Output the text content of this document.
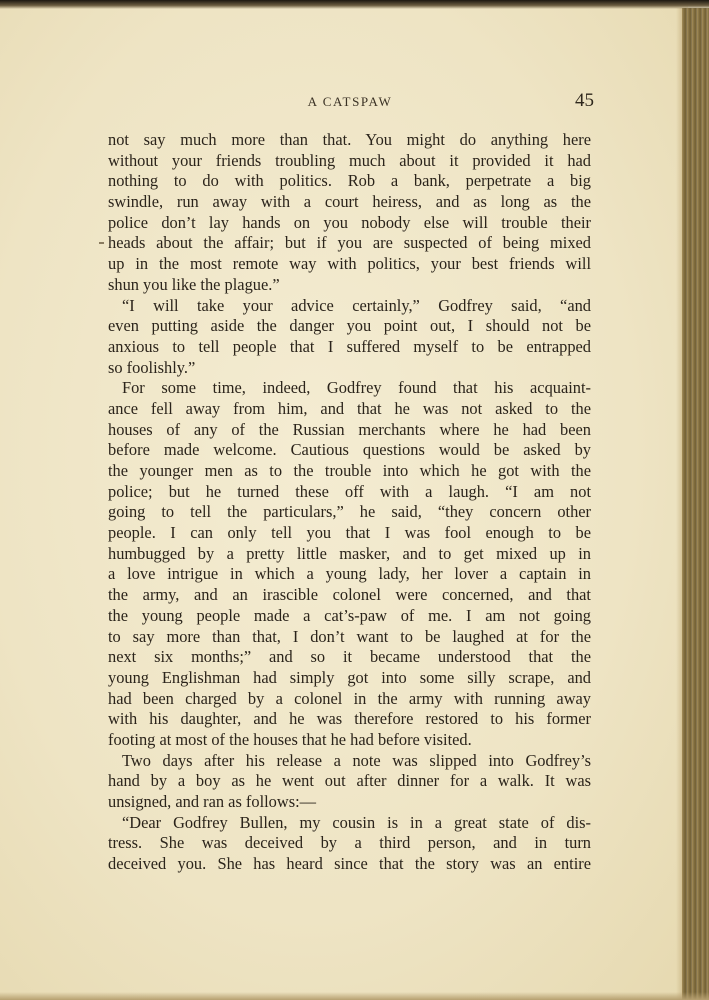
A CATSPAW	45
not say much more than that. You might do anything here
without your friends troubling much about it provided it had
nothing to do with politics. Rob a bank, perpetrate a big
swindle, run away with a court heiress, and as long as the
police don’t lay hands on you nobody else will trouble their
heads about the affair; but if you are suspected of being mixed
up in the most remote way with politics, your best friends will
shun you like the plague.”
“I will take your advice certainly,” Godfrey said, “and
even putting aside the danger you point out, I should not be
anxious to tell people that I suffered myself to be entrapped
so foolishly.”
For some time, indeed, Godfrey found that his acquaint-
ance fell away from him, and that he was not asked to the
houses of any of the Russian merchants where he had been
before made welcome. Cautious questions would be asked by
the younger men as to the trouble into which he got with the
police; but he turned these off with a laugh. “I am not
going to tell the particulars,” he said, “they concern other
people. I can only tell you that I was fool enough to be
humbugged by a pretty little masker, and to get mixed up in
a love intrigue in which a young lady, her lover a captain in
the army, and an irascible colonel were concerned, and that
the young people made a cat’s-paw of me. I am not going
to say more than that, I don’t want to be laughed at for the
next six months;” and so it became understood that the
young Englishman had simply got into some silly scrape, and
had been charged by a colonel in the army with running away
with his daughter, and he was therefore restored to his former
footing at most of the houses that he had before visited.
Two days after his release a note was slipped into Godfrey’s
hand by a boy as he went out after dinner for a walk. It was
unsigned, and ran as follows:—
“Dear Godfrey Bullen, my cousin is in a great state of dis-
tress. She was deceived by a third person, and in turn
deceived you. She has heard since that the story was an entire
